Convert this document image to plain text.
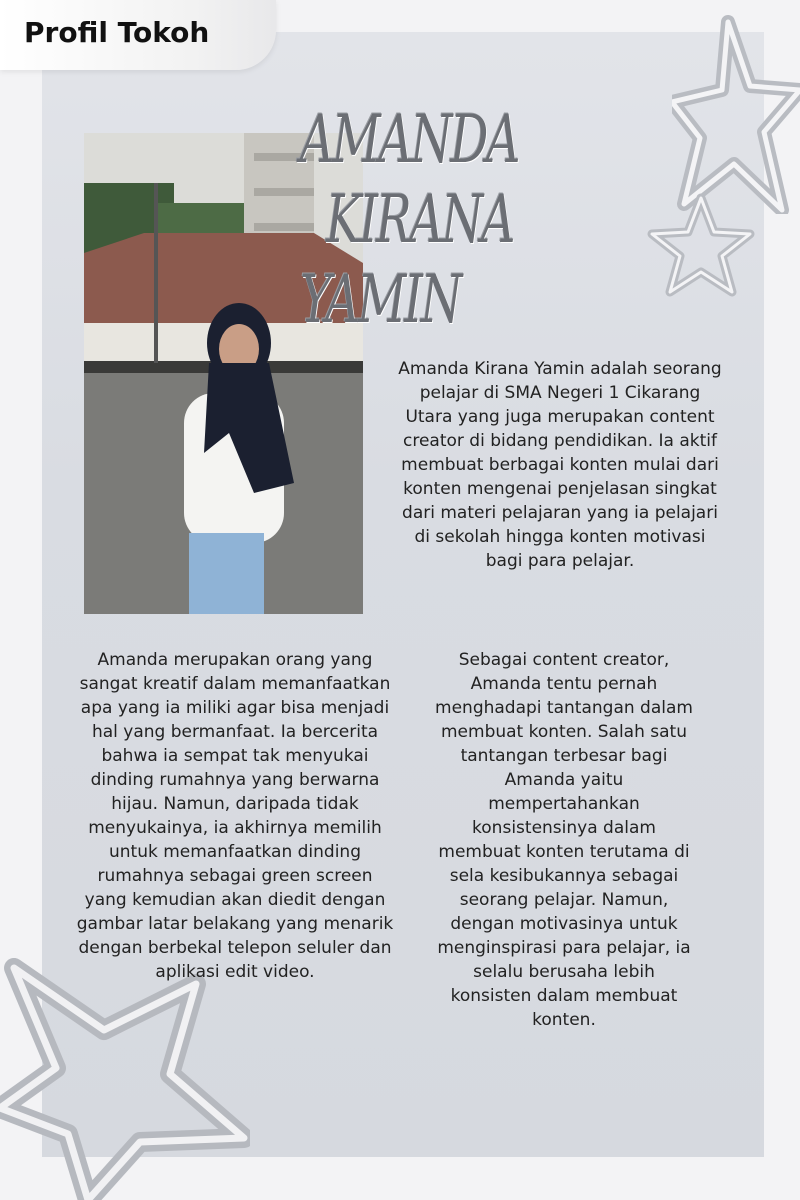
Profil Tokoh
AMANDA
KIRANA
YAMIN
Amanda Kirana Yamin adalah seorang pelajar di SMA Negeri 1 Cikarang Utara yang juga merupakan content creator di bidang pendidikan. Ia aktif membuat berbagai konten mulai dari konten mengenai penjelasan singkat dari materi pelajaran yang ia pelajari di sekolah hingga konten motivasi bagi para pelajar.
Amanda merupakan orang yang sangat kreatif dalam memanfaatkan apa yang ia miliki agar bisa menjadi hal yang bermanfaat. Ia bercerita bahwa ia sempat tak menyukai dinding rumahnya yang berwarna hijau. Namun, daripada tidak menyukainya, ia akhirnya memilih untuk memanfaatkan dinding rumahnya sebagai green screen yang kemudian akan diedit dengan gambar latar belakang yang menarik dengan berbekal telepon seluler dan aplikasi edit video.
Sebagai content creator, Amanda tentu pernah menghadapi tantangan dalam membuat konten. Salah satu tantangan terbesar bagi Amanda yaitu mempertahankan konsistensinya dalam membuat konten terutama di sela kesibukannya sebagai seorang pelajar. Namun, dengan motivasinya untuk menginspirasi para pelajar, ia selalu berusaha lebih konsisten dalam membuat konten.
